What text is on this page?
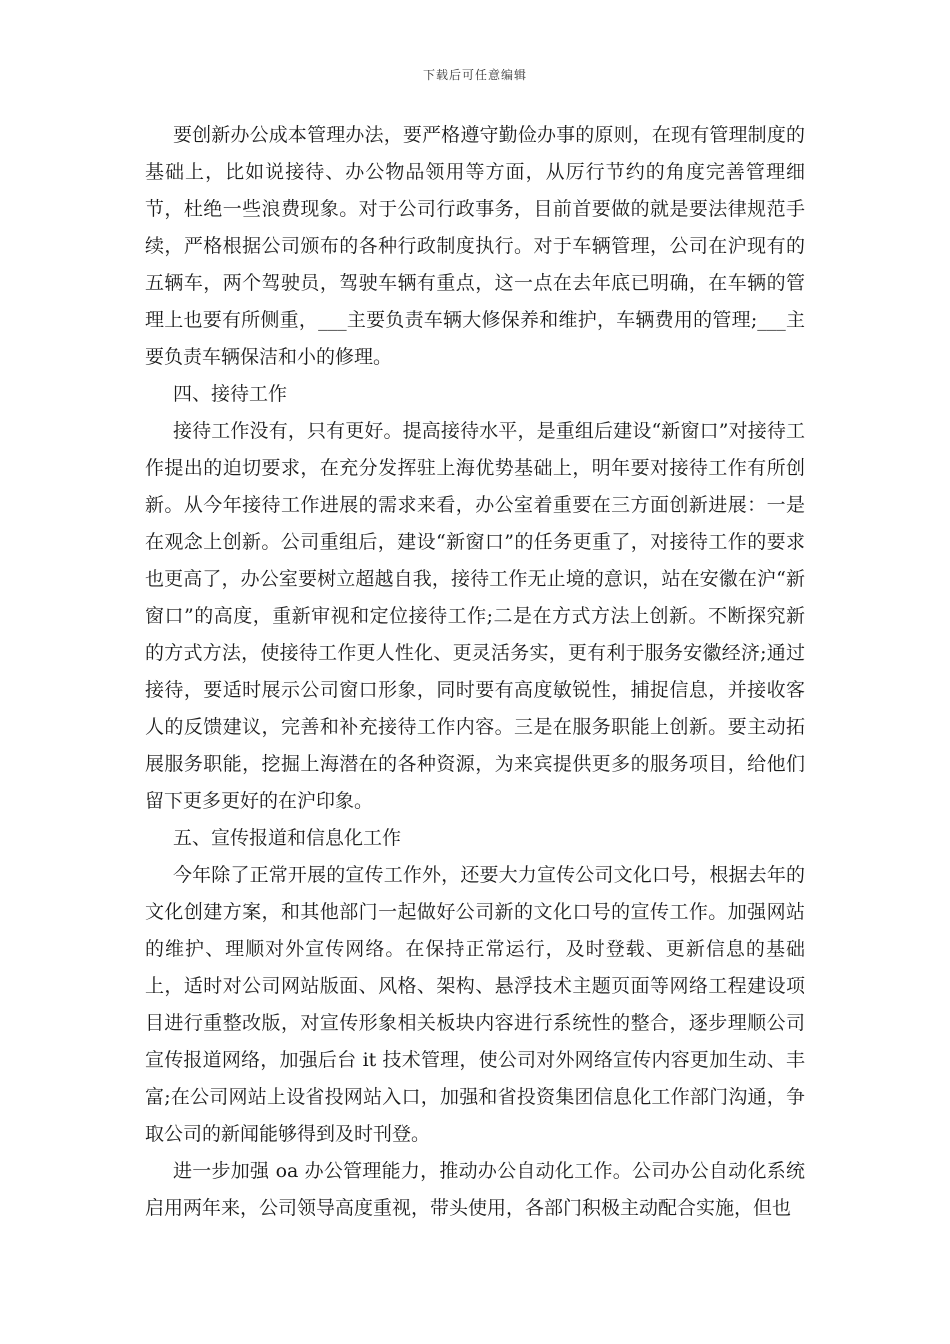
下载后可任意编辑

要创新办公成本管理办法，要严格遵守勤俭办事的原则，在现有管理制度的基础上，比如说接待、办公物品领用等方面，从厉行节约的角度完善管理细节，杜绝一些浪费现象。对于公司行政事务，目前首要做的就是要法律规范手续，严格根据公司颁布的各种行政制度执行。对于车辆管理，公司在沪现有的五辆车，两个驾驶员，驾驶车辆有重点，这一点在去年底已明确，在车辆的管理上也要有所侧重，___主要负责车辆大修保养和维护，车辆费用的管理;___主要负责车辆保洁和小的修理。

四、接待工作

接待工作没有，只有更好。提高接待水平，是重组后建设“新窗口”对接待工作提出的迫切要求，在充分发挥驻上海优势基础上，明年要对接待工作有所创新。从今年接待工作进展的需求来看，办公室着重要在三方面创新进展：一是在观念上创新。公司重组后，建设“新窗口”的任务更重了，对接待工作的要求也更高了，办公室要树立超越自我，接待工作无止境的意识，站在安徽在沪“新窗口”的高度，重新审视和定位接待工作;二是在方式方法上创新。不断探究新的方式方法，使接待工作更人性化、更灵活务实，更有利于服务安徽经济;通过接待，要适时展示公司窗口形象，同时要有高度敏锐性，捕捉信息，并接收客人的反馈建议，完善和补充接待工作内容。三是在服务职能上创新。要主动拓展服务职能，挖掘上海潜在的各种资源，为来宾提供更多的服务项目，给他们留下更多更好的在沪印象。

五、宣传报道和信息化工作

今年除了正常开展的宣传工作外，还要大力宣传公司文化口号，根据去年的文化创建方案，和其他部门一起做好公司新的文化口号的宣传工作。加强网站的维护、理顺对外宣传网络。在保持正常运行，及时登载、更新信息的基础上，适时对公司网站版面、风格、架构、悬浮技术主题页面等网络工程建设项目进行重整改版，对宣传形象相关板块内容进行系统性的整合，逐步理顺公司宣传报道网络，加强后台 it 技术管理，使公司对外网络宣传内容更加生动、丰富;在公司网站上设省投网站入口，加强和省投资集团信息化工作部门沟通，争取公司的新闻能够得到及时刊登。

进一步加强 oa 办公管理能力，推动办公自动化工作。公司办公自动化系统启用两年来，公司领导高度重视，带头使用，各部门积极主动配合实施，但也
